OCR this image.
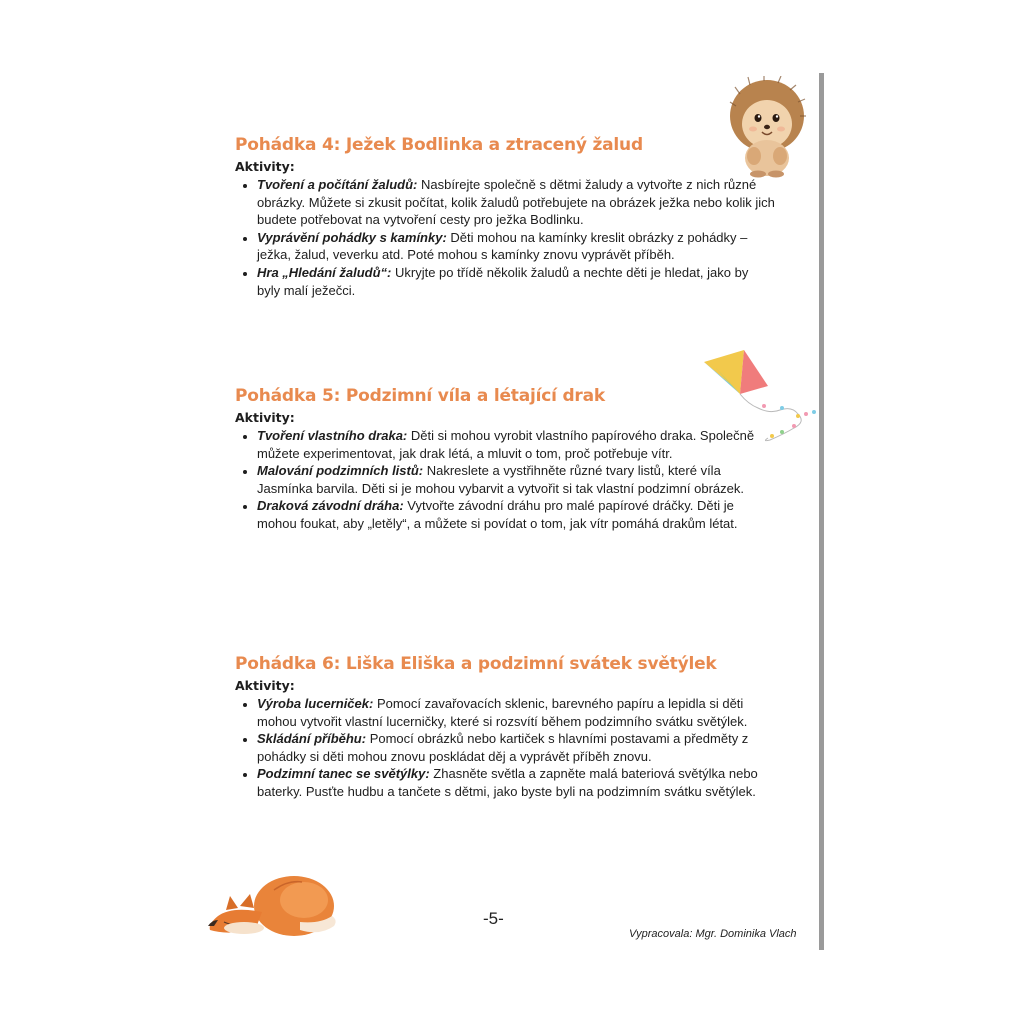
Pohádka 4: Ježek Bodlinka a ztracený žalud
Aktivity:
• Tvoření a počítání žaludů: Nasbírejte společně s dětmi žaludy a vytvořte z nich různé obrázky. Můžete si zkusit počítat, kolik žaludů potřebujete na obrázek ježka nebo kolik jich budete potřebovat na vytvoření cesty pro ježka Bodlinku.
• Vyprávění pohádky s kamínky: Děti mohou na kamínky kreslit obrázky z pohádky – ježka, žalud, veverku atd. Poté mohou s kamínky znovu vyprávět příběh.
• Hra „Hledání žaludů“: Ukryjte po třídě několik žaludů a nechte děti je hledat, jako by byly malí ježečci.
Pohádka 5: Podzimní víla a létající drak
Aktivity:
• Tvoření vlastního draka: Děti si mohou vyrobit vlastního papírového draka. Společně můžete experimentovat, jak drak létá, a mluvit o tom, proč potřebuje vítr.
• Malování podzimních listů: Nakreslete a vystřihněte různé tvary listů, které víla Jasmínka barvila. Děti si je mohou vybarvit a vytvořit si tak vlastní podzimní obrázek.
• Draková závodní dráha: Vytvořte závodní dráhu pro malé papírové dráčky. Děti je mohou foukat, aby „letěly“, a můžete si povídat o tom, jak vítr pomáhá drakům létat.
Pohádka 6: Liška Eliška a podzimní svátek světýlek
Aktivity:
• Výroba lucerniček: Pomocí zavařovacích sklenic, barevného papíru a lepidla si děti mohou vytvořit vlastní lucerničky, které si rozsvítí během podzimního svátku světýlek.
• Skládání příběhu: Pomocí obrázků nebo kartiček s hlavními postavami a předměty z pohádky si děti mohou znovu poskládat děj a vyprávět příběh znovu.
• Podzimní tanec se světýlky: Zhasněte světla a zapněte malá bateriová světýlka nebo baterky. Pusťte hudbu a tančete s dětmi, jako byste byli na podzimním svátku světýlek.
-5-
Vypracovala: Mgr. Dominika Vlach
